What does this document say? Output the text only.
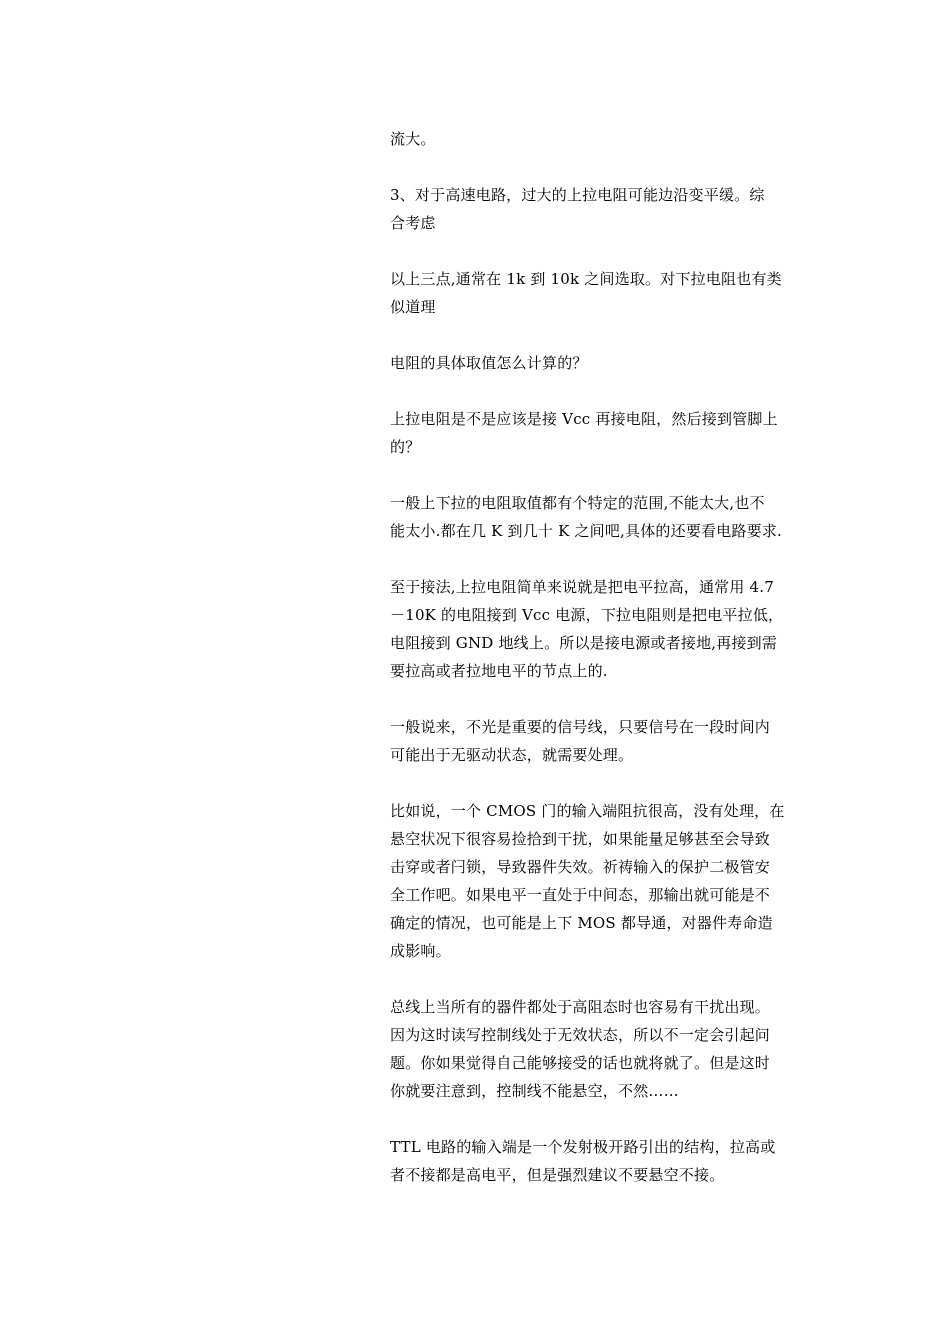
流大。

3、对于高速电路，过大的上拉电阻可能边沿变平缓。综
合考虑

以上三点,通常在 1k 到 10k 之间选取。对下拉电阻也有类
似道理

电阻的具体取值怎么计算的？

上拉电阻是不是应该是接 Vcc 再接电阻，然后接到管脚上
的？

一般上下拉的电阻取值都有个特定的范围,不能太大,也不
能太小.都在几 K 到几十 K 之间吧,具体的还要看电路要求.

至于接法,上拉电阻简单来说就是把电平拉高，通常用 4.7
－10K 的电阻接到 Vcc 电源，下拉电阻则是把电平拉低，
电阻接到 GND 地线上。所以是接电源或者接地,再接到需
要拉高或者拉地电平的节点上的.

一般说来，不光是重要的信号线，只要信号在一段时间内
可能出于无驱动状态，就需要处理。

比如说，一个 CMOS 门的输入端阻抗很高，没有处理，在
悬空状况下很容易捡拾到干扰，如果能量足够甚至会导致
击穿或者闩锁，导致器件失效。祈祷输入的保护二极管安
全工作吧。如果电平一直处于中间态，那输出就可能是不
确定的情况，也可能是上下 MOS 都导通，对器件寿命造
成影响。

总线上当所有的器件都处于高阻态时也容易有干扰出现。
因为这时读写控制线处于无效状态，所以不一定会引起问
题。你如果觉得自己能够接受的话也就将就了。但是这时
你就要注意到，控制线不能悬空，不然……

TTL 电路的输入端是一个发射极开路引出的结构，拉高或
者不接都是高电平，但是强烈建议不要悬空不接。
